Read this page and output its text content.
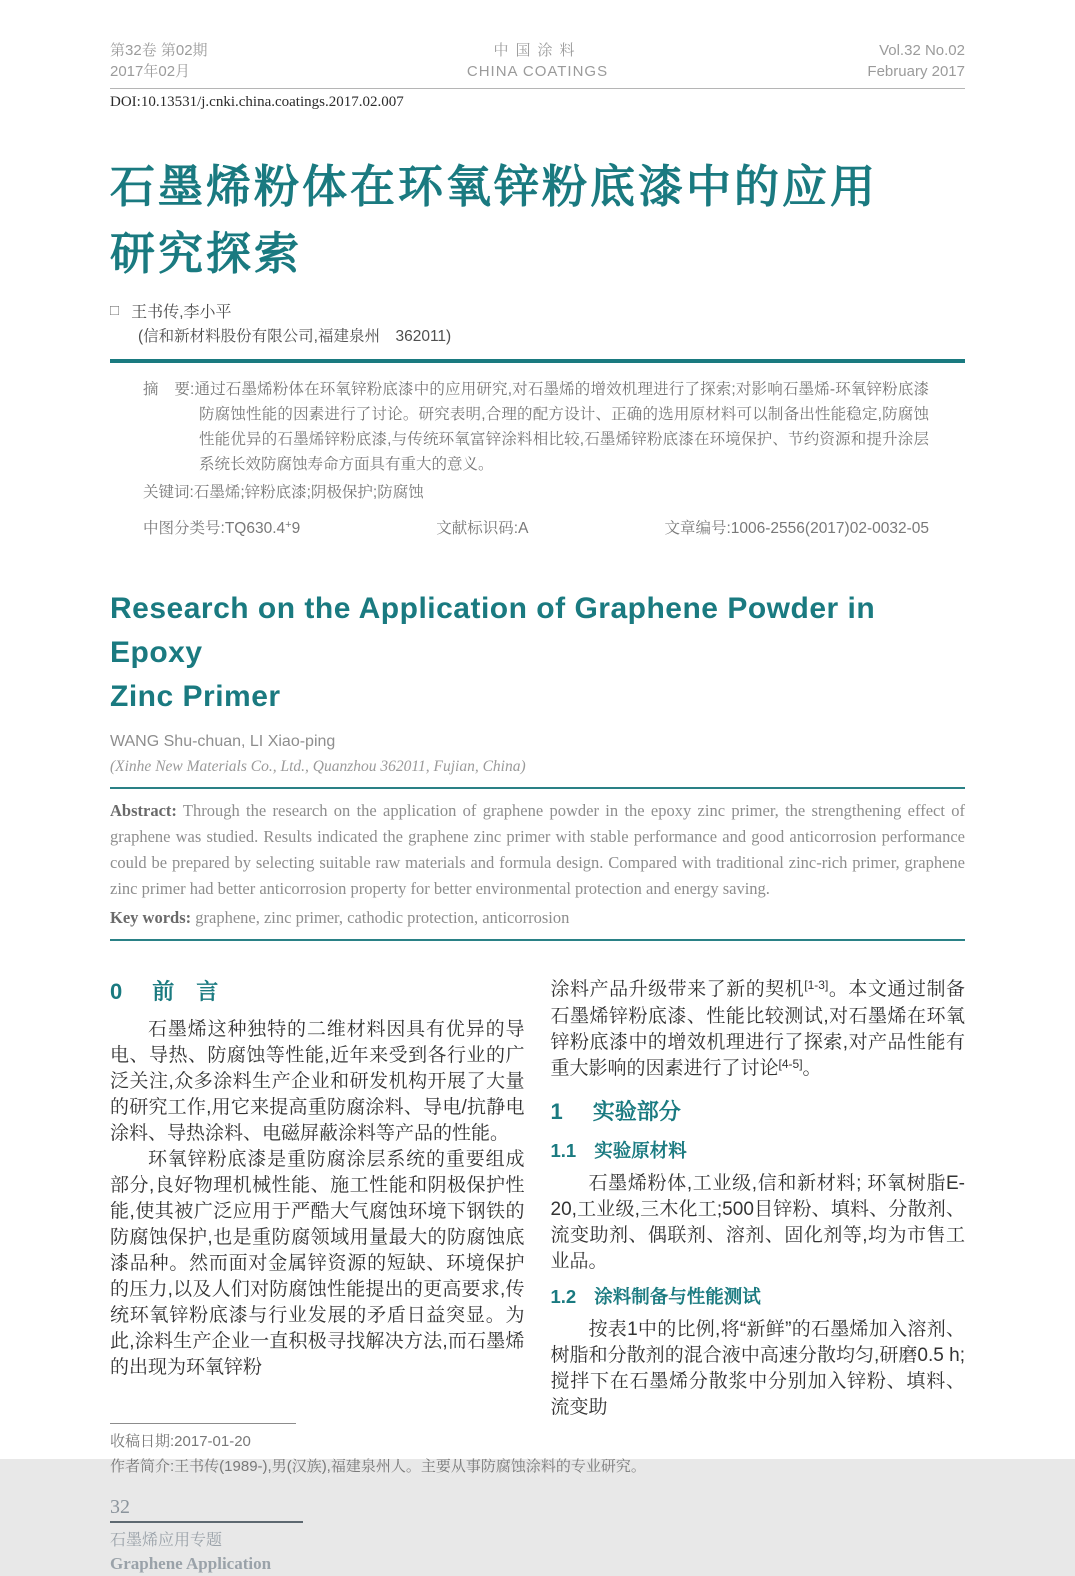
第32卷 第02期
2017年02月
中国涂料
CHINA COATINGS
Vol.32 No.02
February 2017
DOI:10.13531/j.cnki.china.coatings.2017.02.007
石墨烯粉体在环氧锌粉底漆中的应用
研究探索
□ 王书传,李小平
(信和新材料股份有限公司,福建泉州　362011)

摘　要:通过石墨烯粉体在环氧锌粉底漆中的应用研究,对石墨烯的增效机理进行了探索;对影响石墨烯-环氧锌粉底漆防腐蚀性能的因素进行了讨论。研究表明,合理的配方设计、正确的选用原材料可以制备出性能稳定,防腐蚀性能优异的石墨烯锌粉底漆,与传统环氧富锌涂料相比较,石墨烯锌粉底漆在环境保护、节约资源和提升涂层系统长效防腐蚀寿命方面具有重大的意义。

关键词:石墨烯;锌粉底漆;阴极保护;防腐蚀
中图分类号:TQ630.4+9	文献标识码:A	文章编号:1006-2556(2017)02-0032-05
Research on the Application of Graphene Powder in Epoxy
Zinc Primer
WANG Shu-chuan, LI Xiao-ping
(Xinhe New Materials Co., Ltd., Quanzhou 362011, Fujian, China)

Abstract: Through the research on the application of graphene powder in the epoxy zinc primer, the strengthening effect of graphene was studied. Results indicated the graphene zinc primer with stable performance and good anticorrosion performance could be prepared by selecting suitable raw materials and formula design. Compared with traditional zinc-rich primer, graphene zinc primer had better anticorrosion property for better environmental protection and energy saving.

Key words: graphene, zinc primer, cathodic protection, anticorrosion

0 前　言

石墨烯这种独特的二维材料因具有优异的导电、导热、防腐蚀等性能,近年来受到各行业的广泛关注,众多涂料生产企业和研发机构开展了大量的研究工作,用它来提高重防腐涂料、导电/抗静电涂料、导热涂料、电磁屏蔽涂料等产品的性能。

环氧锌粉底漆是重防腐涂层系统的重要组成部分,良好物理机械性能、施工性能和阴极保护性能,使其被广泛应用于严酷大气腐蚀环境下钢铁的防腐蚀保护,也是重防腐领域用量最大的防腐蚀底漆品种。然而面对金属锌资源的短缺、环境保护的压力,以及人们对防腐蚀性能提出的更高要求,传统环氧锌粉底漆与行业发展的矛盾日益突显。为此,涂料生产企业一直积极寻找解决方法,而石墨烯的出现为环氧锌粉

涂料产品升级带来了新的契机[1-3]。本文通过制备石墨烯锌粉底漆、性能比较测试,对石墨烯在环氧锌粉底漆中的增效机理进行了探索,对产品性能有重大影响的因素进行了讨论[4-5]。

1 实验部分
1.1 实验原材料

石墨烯粉体,工业级,信和新材料; 环氧树脂E-20,工业级,三木化工;500目锌粉、填料、分散剂、流变助剂、偶联剂、溶剂、固化剂等,均为市售工业品。

1.2 涂料制备与性能测试

按表1中的比例,将“新鲜”的石墨烯加入溶剂、树脂和分散剂的混合液中高速分散均匀,研磨0.5 h;搅拌下在石墨烯分散浆中分别加入锌粉、填料、流变助

收稿日期:2017-01-20
作者简介:王书传(1989-),男(汉族),福建泉州人。主要从事防腐蚀涂料的专业研究。
32
石墨烯应用专题
Graphene Application
